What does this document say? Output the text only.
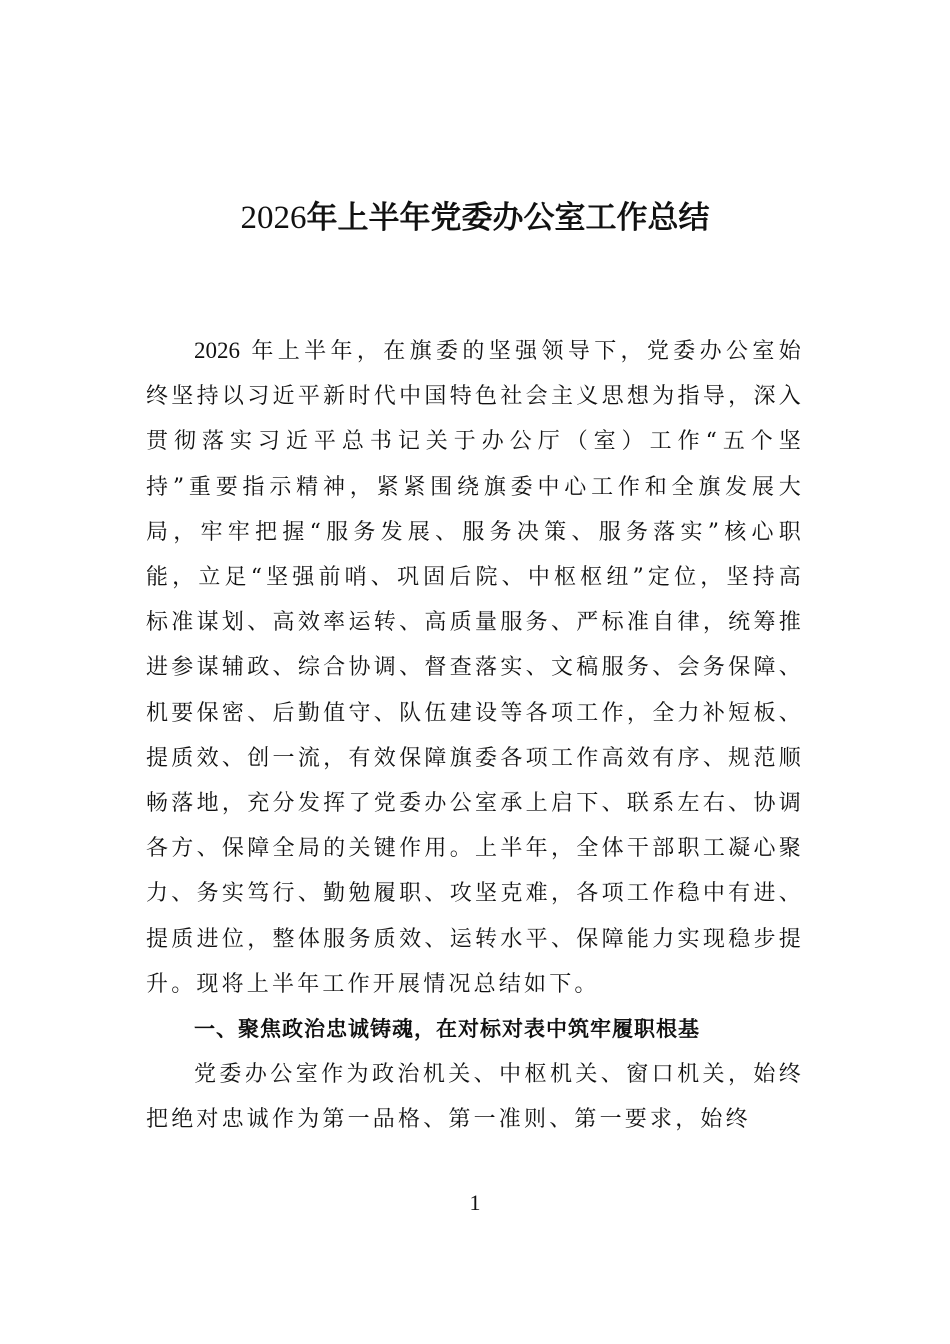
2026年上半年党委办公室工作总结

2026 年上半年，在旗委的坚强领导下，党委办公室始终坚持以习近平新时代中国特色社会主义思想为指导，深入贯彻落实习近平总书记关于办公厅（室）工作“五个坚持”重要指示精神，紧紧围绕旗委中心工作和全旗发展大局，牢牢把握“服务发展、服务决策、服务落实”核心职能，立足“坚强前哨、巩固后院、中枢枢纽”定位，坚持高标准谋划、高效率运转、高质量服务、严标准自律，统筹推进参谋辅政、综合协调、督查落实、文稿服务、会务保障、机要保密、后勤值守、队伍建设等各项工作，全力补短板、提质效、创一流，有效保障旗委各项工作高效有序、规范顺畅落地，充分发挥了党委办公室承上启下、联系左右、协调各方、保障全局的关键作用。上半年，全体干部职工凝心聚力、务实笃行、勤勉履职、攻坚克难，各项工作稳中有进、提质进位，整体服务质效、运转水平、保障能力实现稳步提升。现将上半年工作开展情况总结如下。

一、聚焦政治忠诚铸魂，在对标对表中筑牢履职根基

党委办公室作为政治机关、中枢机关、窗口机关，始终把绝对忠诚作为第一品格、第一准则、第一要求，始终

1
